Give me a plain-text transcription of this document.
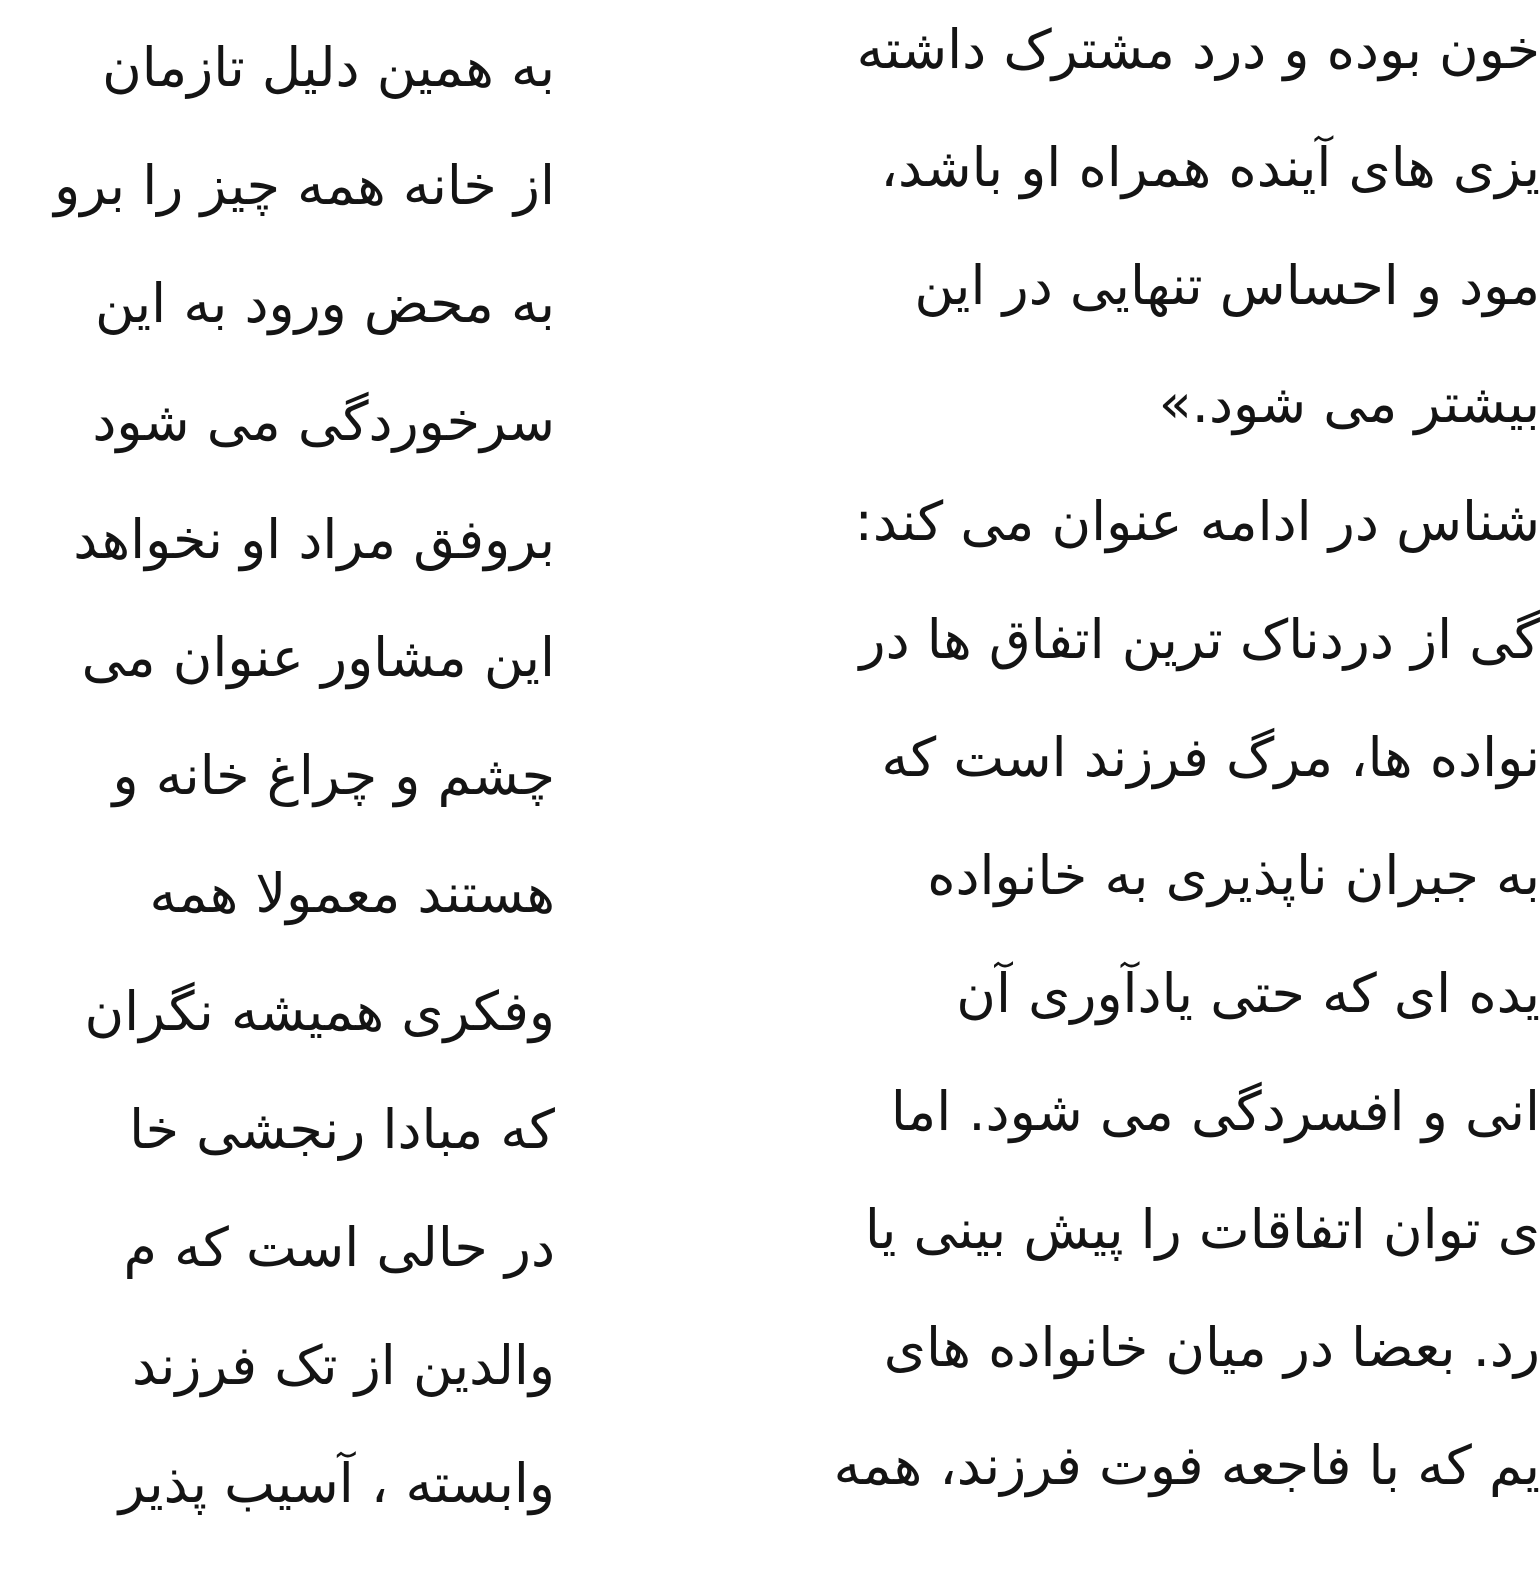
به همین دلیل تازمان
از خانه همه چیز را برو
به محض ورود به این
سرخوردگی می شود
بروفق مراد او نخواهد
این مشاور عنوان می
چشم و چراغ خانه و
هستند معمولا همه
وفکری همیشه نگران
که مبادا رنجشی خا
در حالی است که م
والدین از تک فرزند
وابسته ، آسیب پذیر
خون بوده و درد مشترک داشته
یزی های آینده همراه او باشد،
مود و احساس تنهایی در این
بیشتر می شود.»
شناس در ادامه عنوان می کند:
گی از دردناک ترین اتفاق ها در
نواده ها، مرگ فرزند است که
به جبران ناپذیری به خانواده
یده ای که حتی یادآوری آن
انی و افسردگی می شود. اما
ی توان اتفاقات را پیش بینی یا
رد. بعضا در میان خانواده های
یم که با فاجعه فوت فرزند، همه
